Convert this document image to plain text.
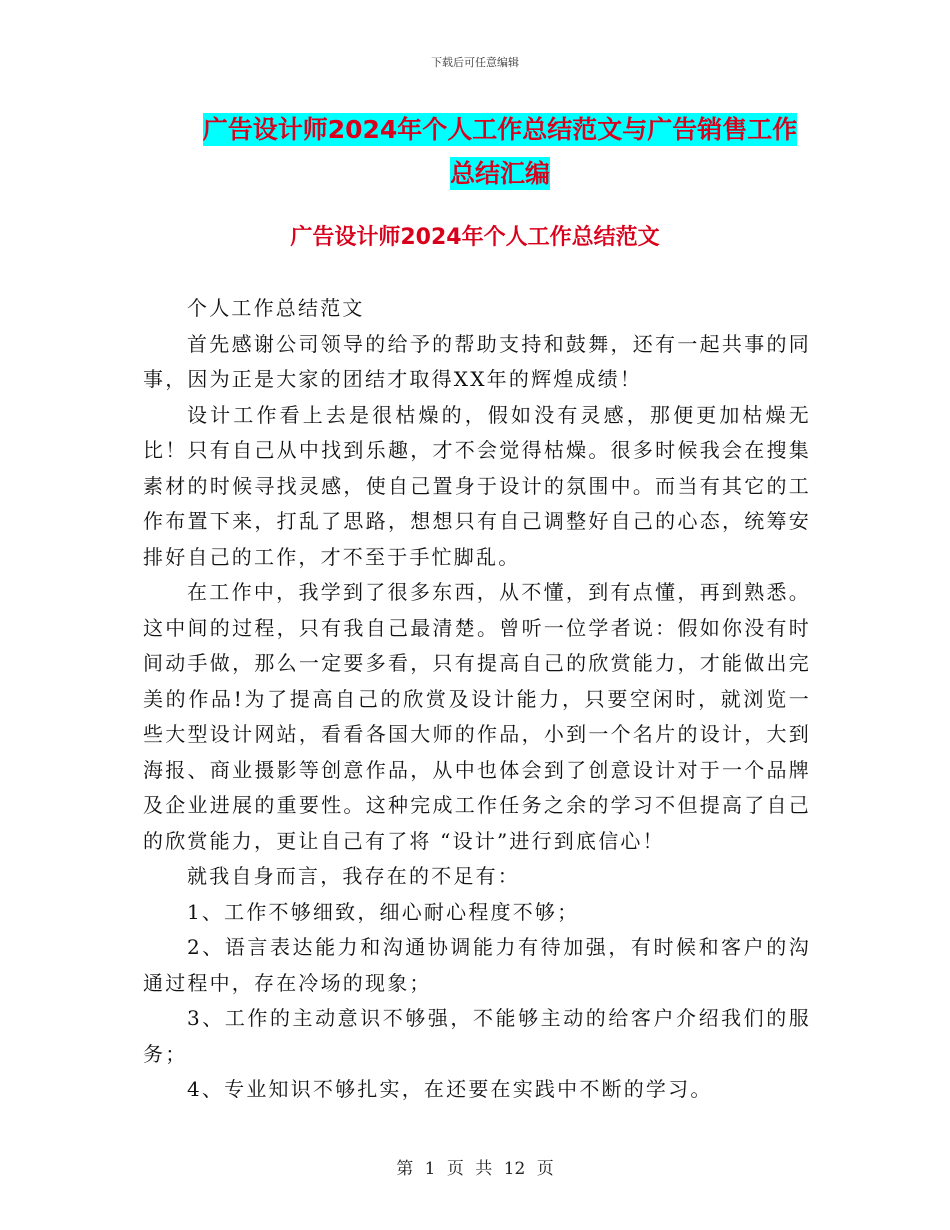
下载后可任意编辑
广告设计师2024年个人工作总结范文与广告销售工作
总结汇编
广告设计师2024年个人工作总结范文

个人工作总结范文

首先感谢公司领导的给予的帮助支持和鼓舞，还有一起共事的同事，因为正是大家的团结才取得XX年的辉煌成绩！

设计工作看上去是很枯燥的，假如没有灵感，那便更加枯燥无比！只有自己从中找到乐趣，才不会觉得枯燥。很多时候我会在搜集素材的时候寻找灵感，使自己置身于设计的氛围中。而当有其它的工作布置下来，打乱了思路，想想只有自己调整好自己的心态，统筹安排好自己的工作，才不至于手忙脚乱。

在工作中，我学到了很多东西，从不懂，到有点懂，再到熟悉。这中间的过程，只有我自己最清楚。曾听一位学者说：假如你没有时间动手做，那么一定要多看，只有提高自己的欣赏能力，才能做出完美的作品!为了提高自己的欣赏及设计能力，只要空闲时，就浏览一些大型设计网站，看看各国大师的作品，小到一个名片的设计，大到海报、商业摄影等创意作品，从中也体会到了创意设计对于一个品牌及企业进展的重要性。这种完成工作任务之余的学习不但提高了自己的欣赏能力，更让自己有了将 “设计”进行到底信心！

就我自身而言，我存在的不足有：

1、工作不够细致，细心耐心程度不够；

2、语言表达能力和沟通协调能力有待加强，有时候和客户的沟通过程中，存在冷场的现象；

3、工作的主动意识不够强，不能够主动的给客户介绍我们的服务；

4、专业知识不够扎实，在还要在实践中不断的学习。

第 1 页 共 12 页
